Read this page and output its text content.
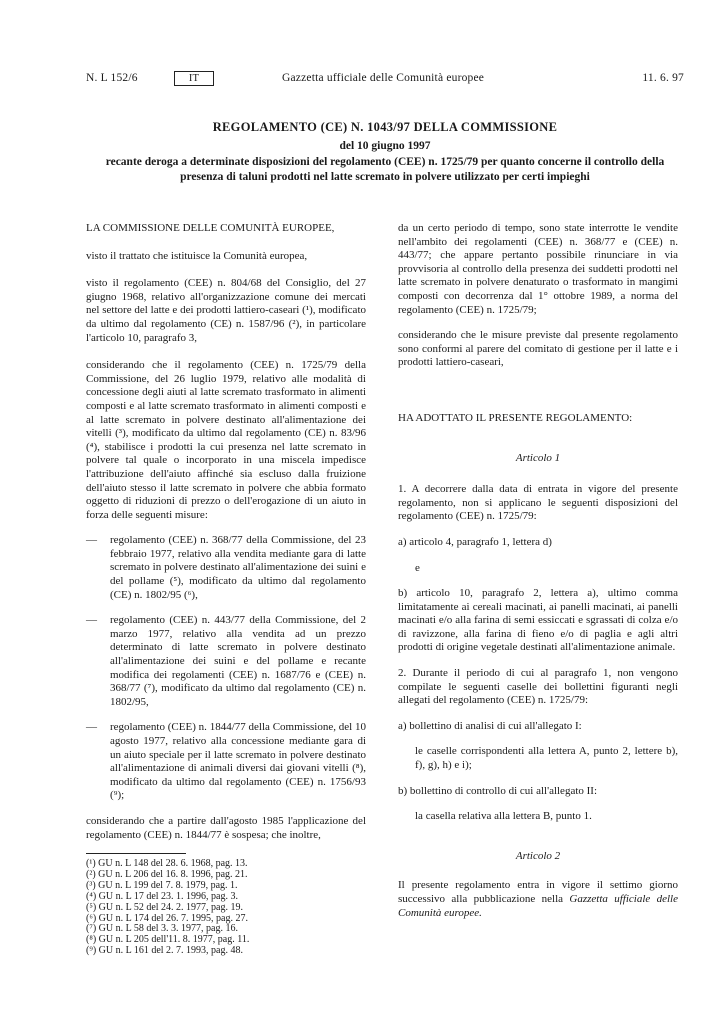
N. L 152/6	IT	Gazzetta ufficiale delle Comunità europee	11. 6. 97
REGOLAMENTO (CE) N. 1043/97 DELLA COMMISSIONE
del 10 giugno 1997
recante deroga a determinate disposizioni del regolamento (CEE) n. 1725/79 per quanto concerne il controllo della presenza di taluni prodotti nel latte scremato in polvere utilizzato per certi impieghi

LA COMMISSIONE DELLE COMUNITÀ EUROPEE,

visto il trattato che istituisce la Comunità europea,

visto il regolamento (CEE) n. 804/68 del Consiglio, del 27 giugno 1968, relativo all'organizzazione comune dei mercati nel settore del latte e dei prodotti lattiero-caseari (¹), modificato da ultimo dal regolamento (CE) n. 1587/96 (²), in particolare l'articolo 10, paragrafo 3,

considerando che il regolamento (CEE) n. 1725/79 della Commissione, del 26 luglio 1979, relativo alle modalità di concessione degli aiuti al latte scremato trasformato in alimenti composti e al latte scremato trasformato in alimenti composti e al latte scremato in polvere destinato all'alimentazione dei vitelli (³), modificato da ultimo dal regolamento (CE) n. 83/96 (⁴), stabilisce i prodotti la cui presenza nel latte scremato in polvere tal quale o incorporato in una miscela impedisce l'attribuzione dell'aiuto affinché sia escluso dalla fruizione dell'aiuto stesso il latte scremato in polvere che abbia formato oggetto di riduzioni di prezzo o dell'erogazione di un aiuto in forza delle seguenti misure:

— regolamento (CEE) n. 368/77 della Commissione, del 23 febbraio 1977, relativo alla vendita mediante gara di latte scremato in polvere destinato all'alimentazione dei suini e del pollame (⁵), modificato da ultimo dal regolamento (CE) n. 1802/95 (⁶),
— regolamento (CEE) n. 443/77 della Commissione, del 2 marzo 1977, relativo alla vendita ad un prezzo determinato di latte scremato in polvere destinato all'alimentazione dei suini e del pollame e recante modifica dei regolamenti (CEE) n. 1687/76 e (CEE) n. 368/77 (⁷), modificato da ultimo dal regolamento (CE) n. 1802/95,
— regolamento (CEE) n. 1844/77 della Commissione, del 10 agosto 1977, relativo alla concessione mediante gara di un aiuto speciale per il latte scremato in polvere destinato all'alimentazione di animali diversi dai giovani vitelli (⁸), modificato da ultimo dal regolamento (CEE) n. 1756/93 (⁹);

considerando che a partire dall'agosto 1985 l'applicazione del regolamento (CEE) n. 1844/77 è sospesa; che inoltre,

(¹) GU n. L 148 del 28. 6. 1968, pag. 13.
(²) GU n. L 206 del 16. 8. 1996, pag. 21.
(³) GU n. L 199 del 7. 8. 1979, pag. 1.
(⁴) GU n. L 17 del 23. 1. 1996, pag. 3.
(⁵) GU n. L 52 del 24. 2. 1977, pag. 19.
(⁶) GU n. L 174 del 26. 7. 1995, pag. 27.
(⁷) GU n. L 58 del 3. 3. 1977, pag. 16.
(⁸) GU n. L 205 dell'11. 8. 1977, pag. 11.
(⁹) GU n. L 161 del 2. 7. 1993, pag. 48.

da un certo periodo di tempo, sono state interrotte le vendite nell'ambito dei regolamenti (CEE) n. 368/77 e (CEE) n. 443/77; che appare pertanto possibile rinunciare in via provvisoria al controllo della presenza dei suddetti prodotti nel latte scremato in polvere denaturato o trasformato in mangimi composti con decorrenza dal 1° ottobre 1989, a norma del regolamento (CEE) n. 1725/79;

considerando che le misure previste dal presente regolamento sono conformi al parere del comitato di gestione per il latte e i prodotti lattiero-caseari,

HA ADOTTATO IL PRESENTE REGOLAMENTO:

Articolo 1

1. A decorrere dalla data di entrata in vigore del presente regolamento, non si applicano le seguenti disposizioni del regolamento (CEE) n. 1725/79:

a) articolo 4, paragrafo 1, lettera d)

e

b) articolo 10, paragrafo 2, lettera a), ultimo comma limitatamente ai cereali macinati, ai panelli macinati, ai panelli macinati e/o alla farina di semi essiccati e sgrassati di colza e/o di ravizzone, alla farina di fieno e/o di paglia e agli altri prodotti di origine vegetale destinati all'alimentazione animale.

2. Durante il periodo di cui al paragrafo 1, non vengono compilate le seguenti caselle dei bollettini figuranti negli allegati del regolamento (CEE) n. 1725/79:

a) bollettino di analisi di cui all'allegato I:

le caselle corrispondenti alla lettera A, punto 2, lettere b), f), g), h) e i);

b) bollettino di controllo di cui all'allegato II:

la casella relativa alla lettera B, punto 1.

Articolo 2

Il presente regolamento entra in vigore il settimo giorno successivo alla pubblicazione nella Gazzetta ufficiale delle Comunità europee.
